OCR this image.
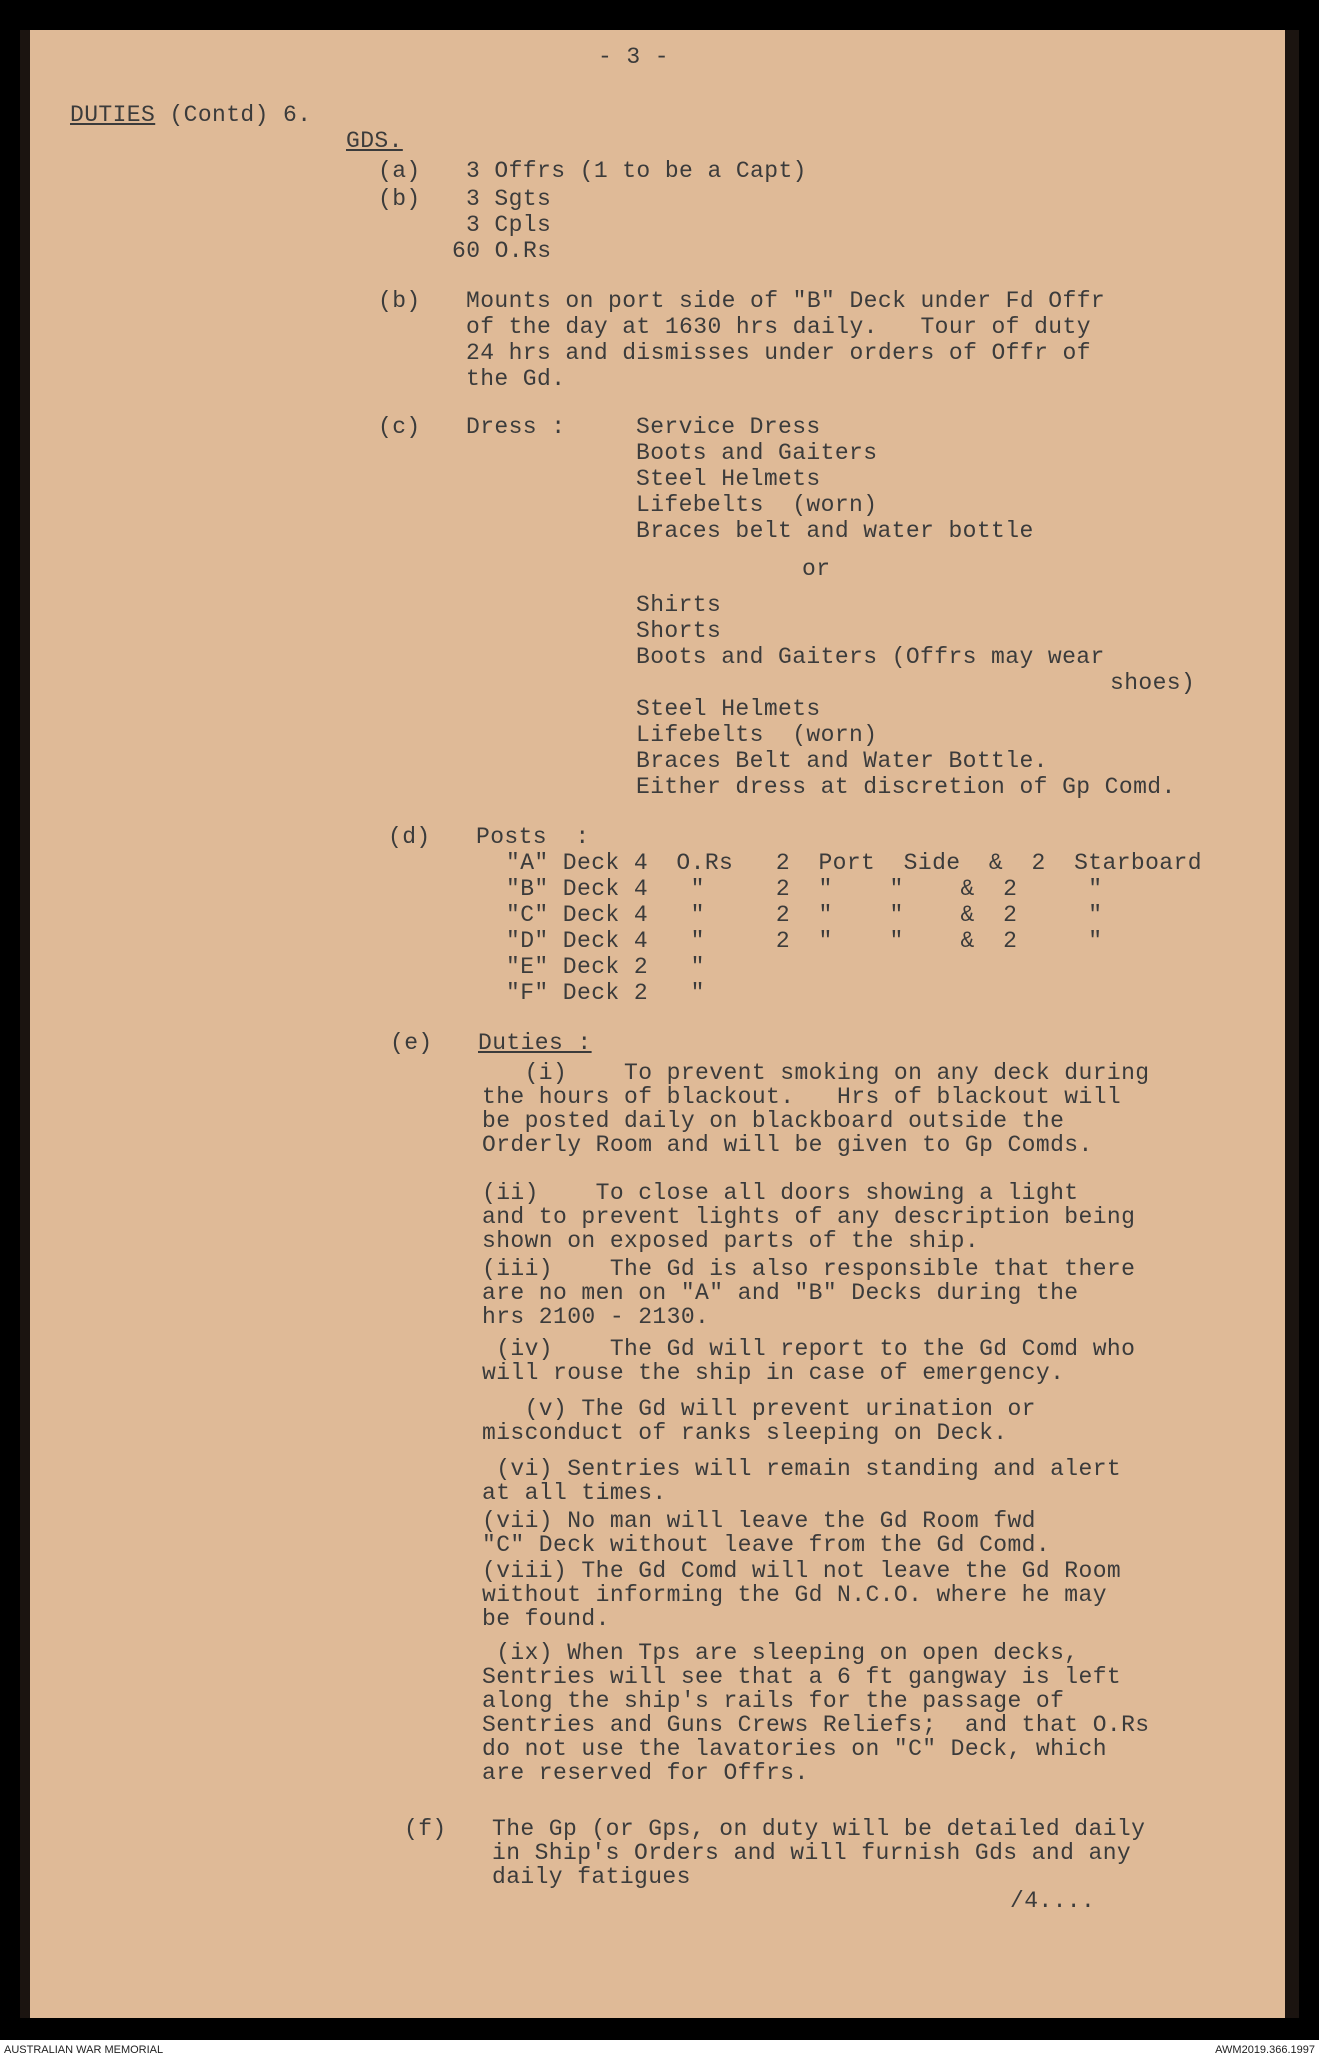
- 3 -
DUTIES (Contd) 6.
GDS.
(a) 3 Offrs (1 to be a Capt)
(b) 3 Sgts
3 Cpls
60 O.Rs
(b) Mounts on port side of "B" Deck under Fd Offr
of the day at 1630 hrs daily.   Tour of duty
24 hrs and dismisses under orders of Offr of
the Gd.
(c) Dress :	Service Dress
Boots and Gaiters
Steel Helmets
Lifebelts  (worn)
Braces belt and water bottle
or
Shirts
Shorts
Boots and Gaiters (Offrs may wear
shoes)
Steel Helmets
Lifebelts  (worn)
Braces Belt and Water Bottle.
Either dress at discretion of Gp Comd.
(d) Posts  :
"A" Deck 4  O.Rs   2  Port  Side  &  2  Starboard
"B" Deck 4   "     2  "    "    &  2     "
"C" Deck 4   "     2  "    "    &  2     "
"D" Deck 4   "     2  "    "    &  2     "
"E" Deck 2   "
"F" Deck 2   "
(e) Duties :
(i)    To prevent smoking on any deck during
the hours of blackout.   Hrs of blackout will
be posted daily on blackboard outside the
Orderly Room and will be given to Gp Comds.
(ii)    To close all doors showing a light
and to prevent lights of any description being
shown on exposed parts of the ship.
(iii)    The Gd is also responsible that there
are no men on "A" and "B" Decks during the
hrs 2100 - 2130.
(iv)    The Gd will report to the Gd Comd who
will rouse the ship in case of emergency.
(v) The Gd will prevent urination or
misconduct of ranks sleeping on Deck.
(vi) Sentries will remain standing and alert
at all times.
(vii) No man will leave the Gd Room fwd
"C" Deck without leave from the Gd Comd.
(viii) The Gd Comd will not leave the Gd Room
without informing the Gd N.C.O. where he may
be found.
(ix) When Tps are sleeping on open decks,
Sentries will see that a 6 ft gangway is left
along the ship's rails for the passage of
Sentries and Guns Crews Reliefs;  and that O.Rs
do not use the lavatories on "C" Deck, which
are reserved for Offrs.
(f) The Gp (or Gps, on duty will be detailed daily
in Ship's Orders and will furnish Gds and any
daily fatigues
/4....
AUSTRALIAN WAR MEMORIAL	AWM2019.366.1997
